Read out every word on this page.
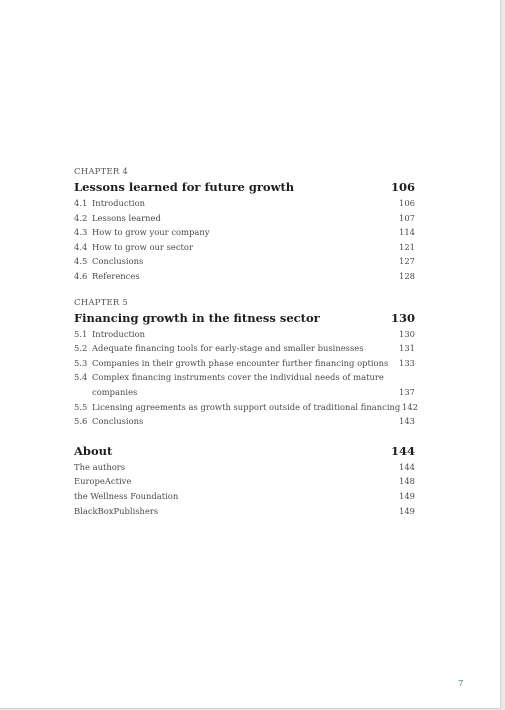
CHAPTER 4
Lessons learned for future growth	106
4.1 Introduction	106
4.2 Lessons learned	107
4.3 How to grow your company	114
4.4 How to grow our sector	121
4.5 Conclusions	127
4.6 References	128
CHAPTER 5
Financing growth in the fitness sector	130
5.1 Introduction	130
5.2 Adequate financing tools for early-stage and smaller businesses	131
5.3 Companies in their growth phase encounter further financing options	133
5.4 Complex financing instruments cover the individual needs of mature companies	137
5.5 Licensing agreements as growth support outside of traditional financing 142
5.6 Conclusions	143
About	144
The authors	144
EuropeActive	148
the Wellness Foundation	149
BlackBoxPublishers	149
7
